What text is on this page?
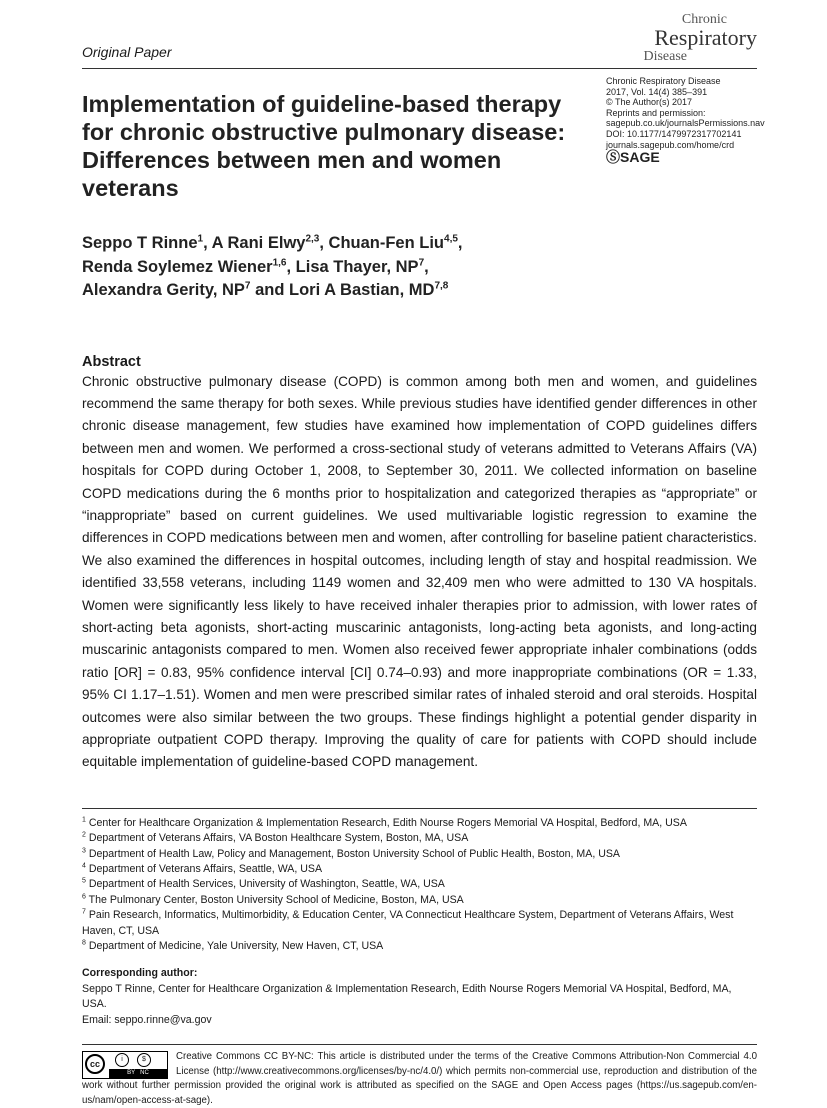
Original Paper
Chronic
Respiratory
Disease
Chronic Respiratory Disease
2017, Vol. 14(4) 385–391
© The Author(s) 2017
Reprints and permission:
sagepub.co.uk/journalsPermissions.nav
DOI: 10.1177/1479972317702141
journals.sagepub.com/home/crd
ⓈSAGE
Implementation of guideline-based therapy for chronic obstructive pulmonary disease: Differences between men and women veterans
Seppo T Rinne$^1$, A Rani Elwy$^{2,3}$, Chuan-Fen Liu$^{4,5}$,
Renda Soylemez Wiener$^{1,6}$, Lisa Thayer, $NP^7$,
Alexandra Gerity, $NP^7$ and Lori A Bastian, MD$^{7,8}$
Abstract

Chronic obstructive pulmonary disease (COPD) is common among both men and women, and guidelines recommend the same therapy for both sexes. While previous studies have identified gender differences in other chronic disease management, few studies have examined how implementation of COPD guidelines differs between men and women. We performed a cross-sectional study of veterans admitted to Veterans Affairs (VA) hospitals for COPD during October 1, 2008, to September 30, 2011. We collected information on baseline COPD medications during the 6 months prior to hospitalization and categorized therapies as “appropriate” or “inappropriate” based on current guidelines. We used multivariable logistic regression to examine the differences in COPD medications between men and women, after controlling for baseline patient characteristics. We also examined the differences in hospital outcomes, including length of stay and hospital readmission. We identified 33,558 veterans, including 1149 women and 32,409 men who were admitted to 130 VA hospitals. Women were significantly less likely to have received inhaler therapies prior to admission, with lower rates of short-acting beta agonists, short-acting muscarinic antagonists, long-acting beta agonists, and long-acting muscarinic antagonists compared to men. Women also received fewer appropriate inhaler combinations (odds ratio [OR] = 0.83, 95% confidence interval [CI] 0.74–0.93) and more inappropriate combinations (OR = 1.33, 95% CI 1.17–1.51). Women and men were prescribed similar rates of inhaled steroid and oral steroids. Hospital outcomes were also similar between the two groups. These findings highlight a potential gender disparity in appropriate outpatient COPD therapy. Improving the quality of care for patients with COPD should include equitable implementation of guideline-based COPD management.

$^1$ Center for Healthcare Organization & Implementation Research, Edith Nourse Rogers Memorial VA Hospital, Bedford, MA, USA
$^2$ Department of Veterans Affairs, VA Boston Healthcare System, Boston, MA, USA
$^3$ Department of Health Law, Policy and Management, Boston University School of Public Health, Boston, MA, USA
$^4$ Department of Veterans Affairs, Seattle, WA, USA
$^5$ Department of Health Services, University of Washington, Seattle, WA, USA
$^6$ The Pulmonary Center, Boston University School of Medicine, Boston, MA, USA
$^7$ Pain Research, Informatics, Multimorbidity, & Education Center, VA Connecticut Healthcare System, Department of Veterans Affairs, West Haven, CT, USA
$^8$ Department of Medicine, Yale University, New Haven, CT, USA
Corresponding author:
Seppo T Rinne, Center for Healthcare Organization & Implementation Research, Edith Nourse Rogers Memorial VA Hospital, Bedford, MA, USA.
Email: seppo.rinne@va.gov
cc	i	$
BY NC
Creative Commons CC BY-NC: This article is distributed under the terms of the Creative Commons Attribution-Non Commercial 4.0 License (http://www.creativecommons.org/licenses/by-nc/4.0/) which permits non-commercial use, reproduction and distribution of the work without further permission provided the original work is attributed as specified on the SAGE and Open Access pages (https://us.sagepub.com/en-us/nam/open-access-at-sage).
